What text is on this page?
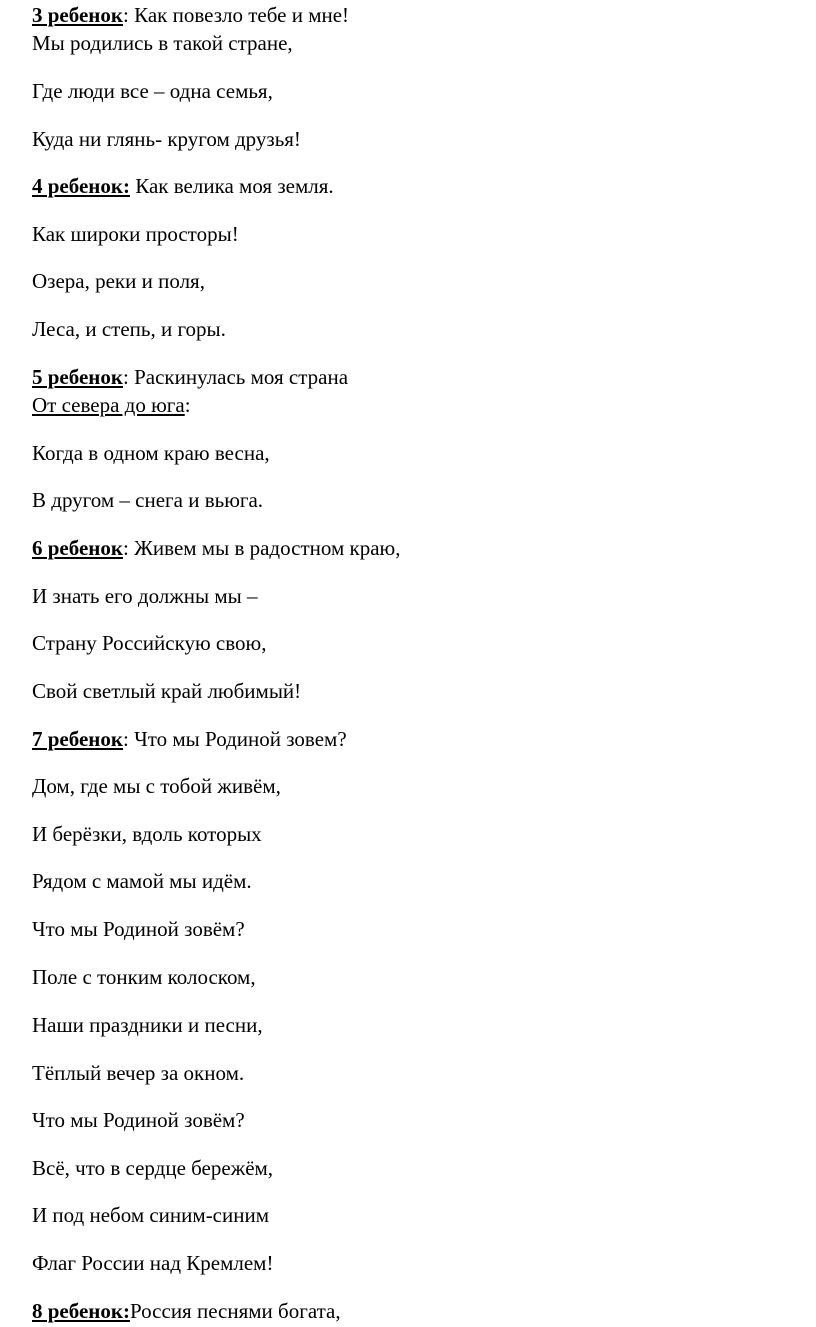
3 ребенок: Как повезло тебе и мне!
Мы родились в такой стране,
Где люди все – одна семья,
Куда ни глянь- кругом друзья!
4 ребенок: Как велика моя земля.
Как широки просторы!
Озера, реки и поля,
Леса, и степь, и горы.
5 ребенок: Раскинулась моя страна
От севера до юга:
Когда в одном краю весна,
В другом – снега и вьюга.
6 ребенок: Живем мы в радостном краю,
И знать его должны мы –
Страну Российскую свою,
Свой светлый край любимый!
7 ребенок: Что мы Родиной зовем?
Дом, где мы с тобой живём,
И берёзки, вдоль которых
Рядом с мамой мы идём.
Что мы Родиной зовём?
Поле с тонким колоском,
Наши праздники и песни,
Тёплый вечер за окном.
Что мы Родиной зовём?
Всё, что в сердце бережём,
И под небом синим-синим
Флаг России над Кремлем!
8 ребенок:Россия песнями богата,
